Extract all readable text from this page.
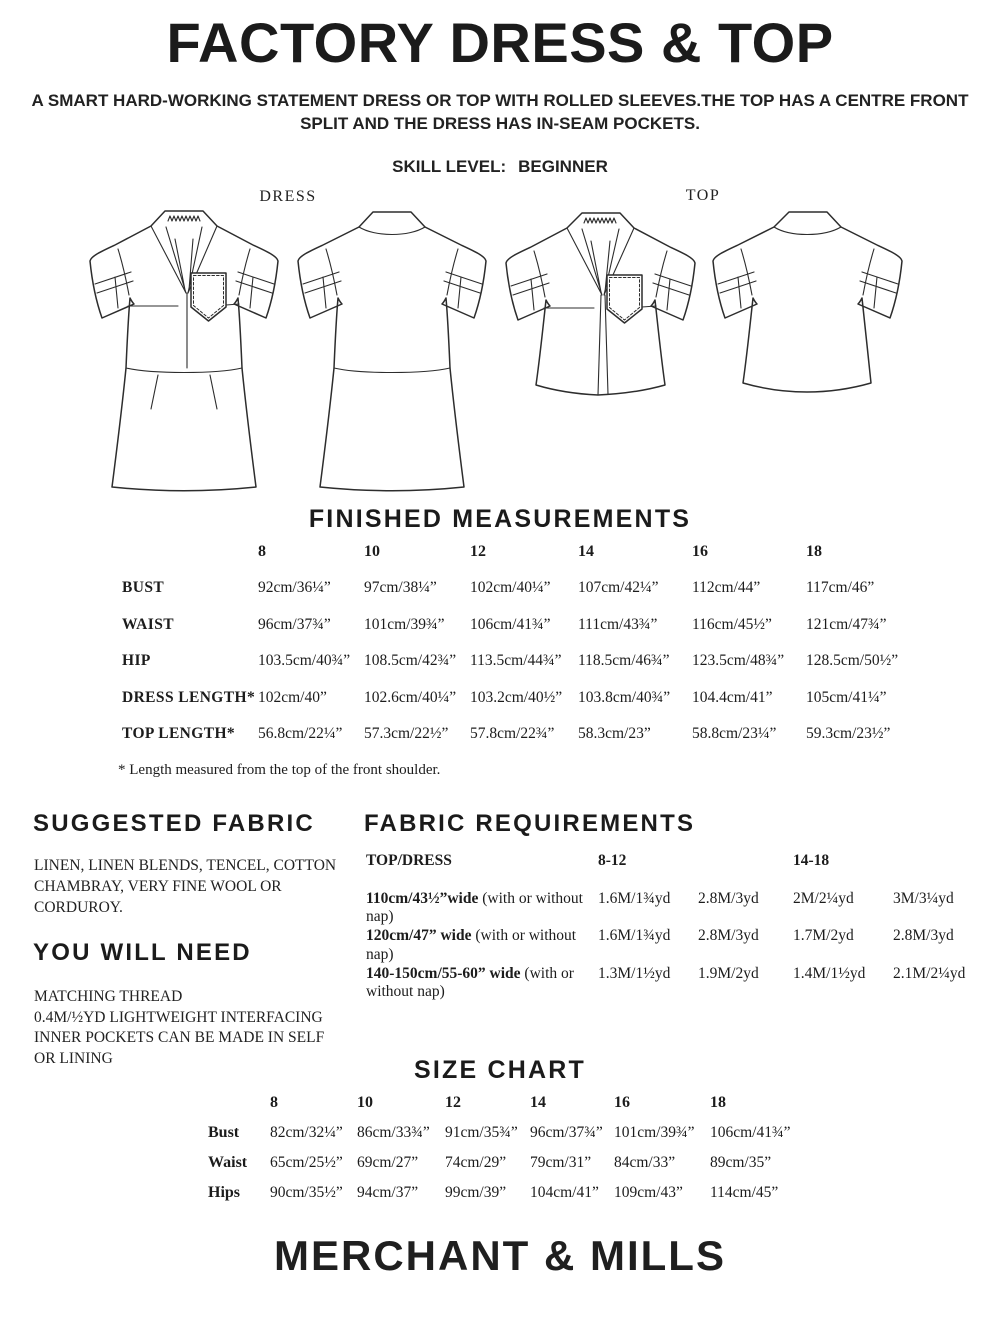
FACTORY DRESS & TOP
A SMART HARD-WORKING STATEMENT DRESS OR TOP WITH ROLLED SLEEVES.THE TOP HAS A CENTRE FRONT
SPLIT AND THE DRESS HAS IN-SEAM POCKETS.
SKILL LEVEL: BEGINNER
DRESS	TOP
FINISHED MEASUREMENTS
8	10	12	14	16	18
BUST	92cm/36¼”	97cm/38¼”	102cm/40¼”	107cm/42¼”	112cm/44”	117cm/46”
WAIST	96cm/37¾”	101cm/39¾”	106cm/41¾”	111cm/43¾”	116cm/45½”	121cm/47¾”
HIP	103.5cm/40¾” 108.5cm/42¾” 113.5cm/44¾”	118.5cm/46¾”	123.5cm/48¾”	128.5cm/50½”
DRESS LENGTH* 102cm/40”	102.6cm/40¼” 103.2cm/40½”	103.8cm/40¾”	104.4cm/41”	105cm/41¼”
TOP LENGTH*	56.8cm/22¼”	57.3cm/22½”	57.8cm/22¾”	58.3cm/23”	58.8cm/23¼”	59.3cm/23½”
* Length measured from the top of the front shoulder.
SUGGESTED FABRIC
LINEN, LINEN BLENDS, TENCEL, COTTON
CHAMBRAY, VERY FINE WOOL OR
CORDUROY.
YOU WILL NEED
MATCHING THREAD
0.4M/½YD LIGHTWEIGHT INTERFACING
INNER POCKETS CAN BE MADE IN SELF
OR LINING
FABRIC REQUIREMENTS
TOP/DRESS	8-12	14-18
110cm/43½”wide (with or without nap)
1.6M/1¾yd	2.8M/3yd	2M/2¼yd	3M/3¼yd
120cm/47” wide (with or without nap)
1.6M/1¾yd	2.8M/3yd	1.7M/2yd	2.8M/3yd
140-150cm/55-60” wide (with or without nap)
1.3M/1½yd	1.9M/2yd	1.4M/1½yd	2.1M/2¼yd
SIZE CHART
8	10	12	14	16	18
Bust	82cm/32¼” 86cm/33¾” 91cm/35¾” 96cm/37¾” 101cm/39¾”	106cm/41¾”
Waist	65cm/25½” 69cm/27”	74cm/29”	79cm/31”	84cm/33”	89cm/35”
Hips	90cm/35½” 94cm/37”	99cm/39”	104cm/41” 109cm/43”	114cm/45”
MERCHANT & MILLS
